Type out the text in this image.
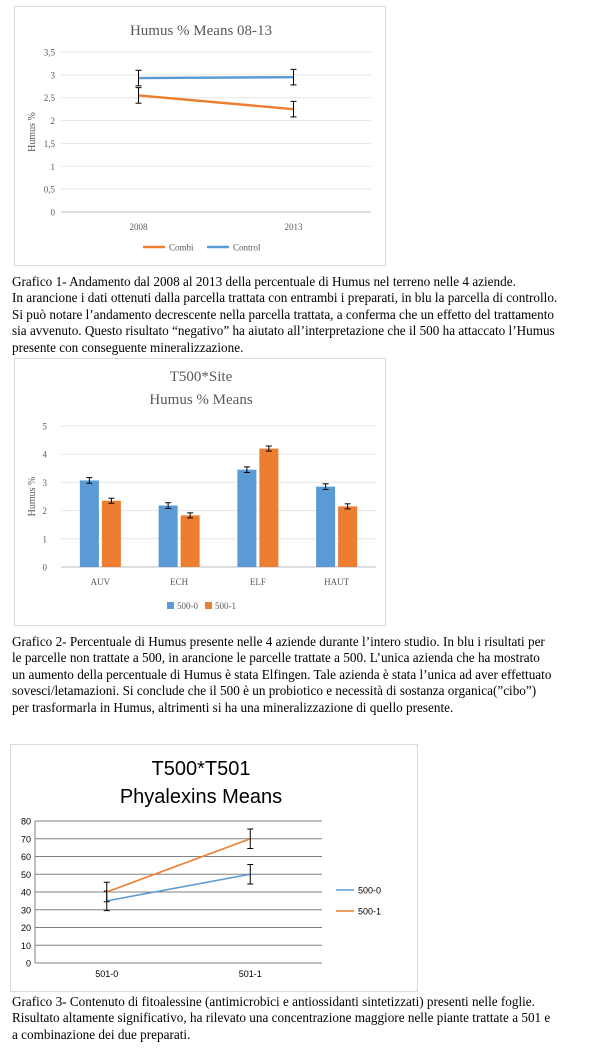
Humus % Means 08-13
Humus %
0
0,5
1
1,5
2
2,5
3
3,5
2008	2013
Combi	Control

Grafico 1- Andamento dal 2008 al 2013 della percentuale di Humus nel terreno nelle 4 aziende.

In arancione i dati ottenuti dalla parcella trattata con entrambi i preparati, in blu la parcella di controllo.

Si può notare l’andamento decrescente nella parcella trattata, a conferma che un effetto del trattamento

sia avvenuto. Questo risultato “negativo” ha aiutato all’interpretazione che il 500 ha attaccato l’Humus

presente con conseguente mineralizzazione.

T500*Site
Humus % Means
Humus %
0
1
2
3
4
5
AUV	ECH	ELF	HAUT
500-0 500-1

Grafico 2- Percentuale di Humus presente nelle 4 aziende durante l’intero studio. In blu i risultati per

le parcelle non trattate a 500, in arancione le parcelle trattate a 500. L’unica azienda che ha mostrato

un aumento della percentuale di Humus è stata Elfingen. Tale azienda è stata l’unica ad aver effettuato

sovesci/letamazioni. Si conclude che il 500 è un probiotico e necessità di sostanza organica(”cibo”)

per trasformarla in Humus, altrimenti si ha una mineralizzazione di quello presente.

T500*T501
Phyalexins Means
0
10
20
30
40
50
60
70
80
501-0	501-1
500-0
500-1

Grafico 3- Contenuto di fitoalessine (antimicrobici e antiossidanti sintetizzati) presenti nelle foglie.

Risultato altamente significativo, ha rilevato una concentrazione maggiore nelle piante trattate a 501 e

a combinazione dei due preparati.
